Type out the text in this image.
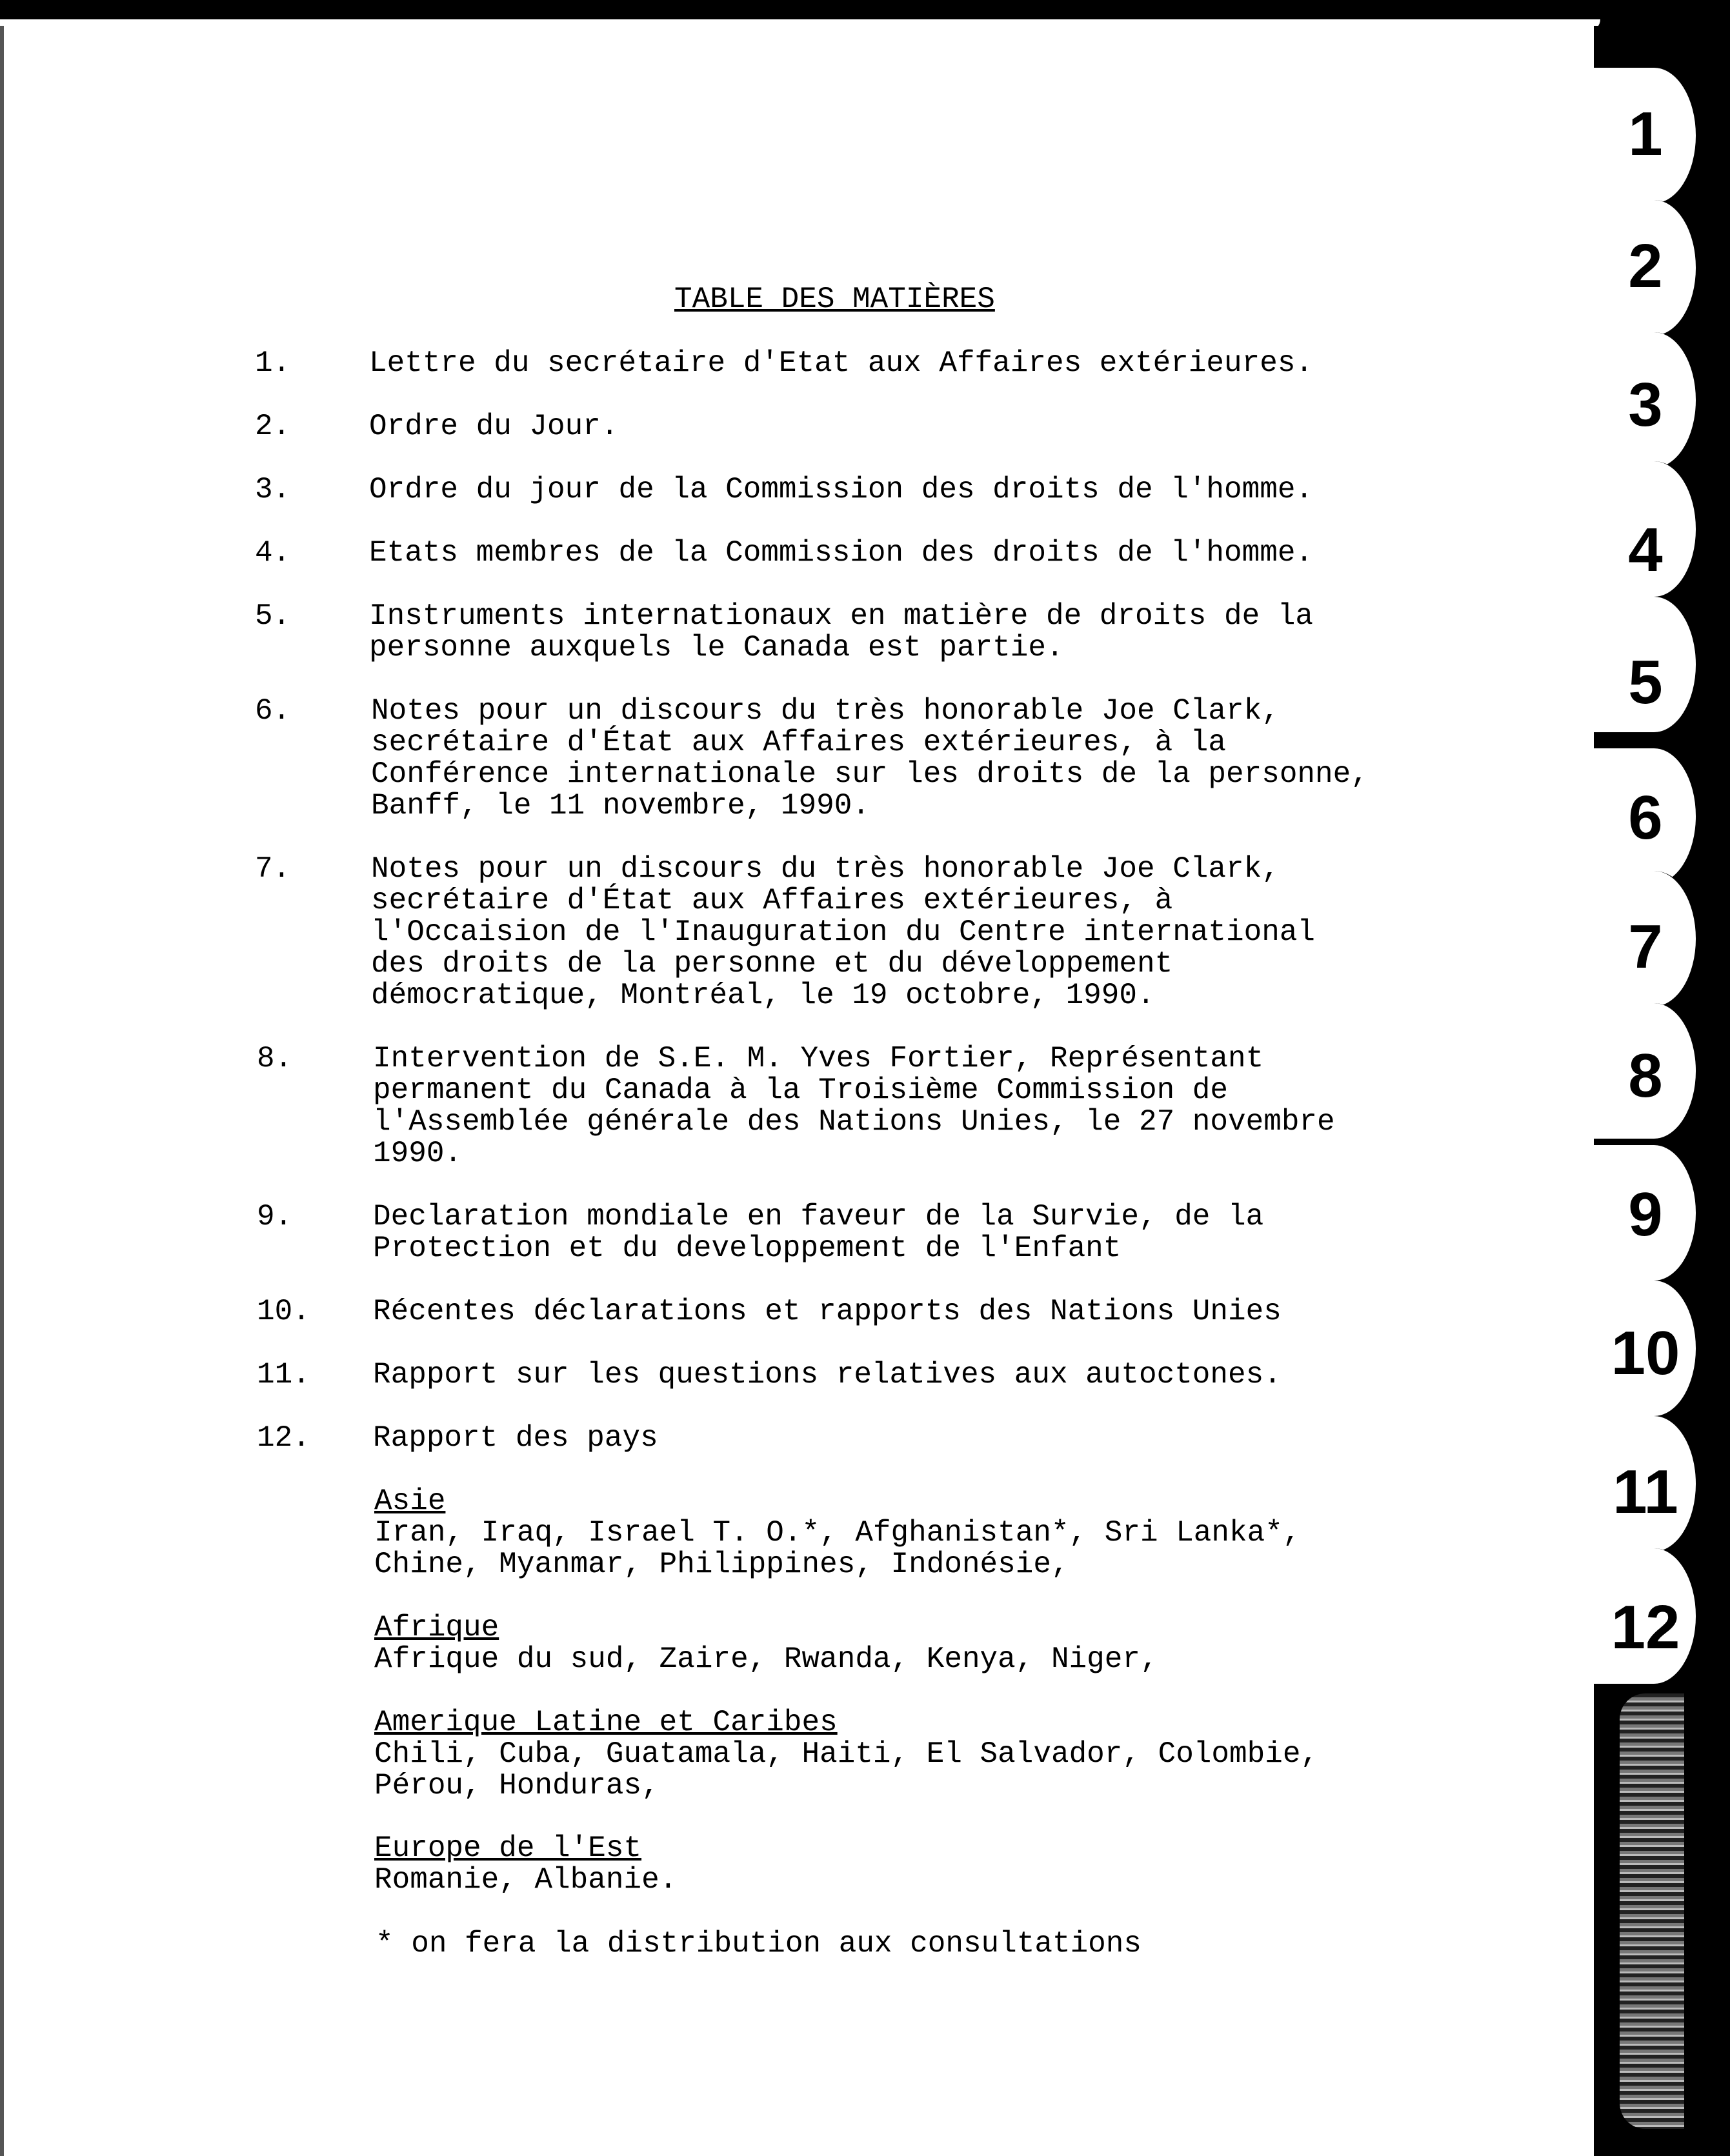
1
2
3
4
5
6
7
8
9
10
11
12
TABLE DES MATIÈRES
1.	Lettre du secrétaire d'Etat aux Affaires extérieures.
2.	Ordre du Jour.
3.	Ordre du jour de la Commission des droits de l'homme.
4.	Etats membres de la Commission des droits de l'homme.
5.	Instruments internationaux en matière de droits de la
personne auxquels le Canada est partie.
6.	Notes pour un discours du très honorable Joe Clark,
secrétaire d'État aux Affaires extérieures, à la
Conférence internationale sur les droits de la personne,
Banff, le 11 novembre, 1990.
7.	Notes pour un discours du très honorable Joe Clark,
secrétaire d'État aux Affaires extérieures, à
l'Occaision de l'Inauguration du Centre international
des droits de la personne et du développement
démocratique, Montréal, le 19 octobre, 1990.
8.	Intervention de S.E. M. Yves Fortier, Représentant
permanent du Canada à la Troisième Commission de
l'Assemblée générale des Nations Unies, le 27 novembre
1990.
9.	Declaration mondiale en faveur de la Survie, de la
Protection et du developpement de l'Enfant
10. Récentes déclarations et rapports des Nations Unies
11. Rapport sur les questions relatives aux autoctones.
12. Rapport des pays
Asie
Iran, Iraq, Israel T. O.*, Afghanistan*, Sri Lanka*,
Chine, Myanmar, Philippines, Indonésie,
Afrique
Afrique du sud, Zaire, Rwanda, Kenya, Niger,
Amerique Latine et Caribes
Chili, Cuba, Guatamala, Haiti, El Salvador, Colombie,
Pérou, Honduras,
Europe de l'Est
Romanie, Albanie.
* on fera la distribution aux consultations
